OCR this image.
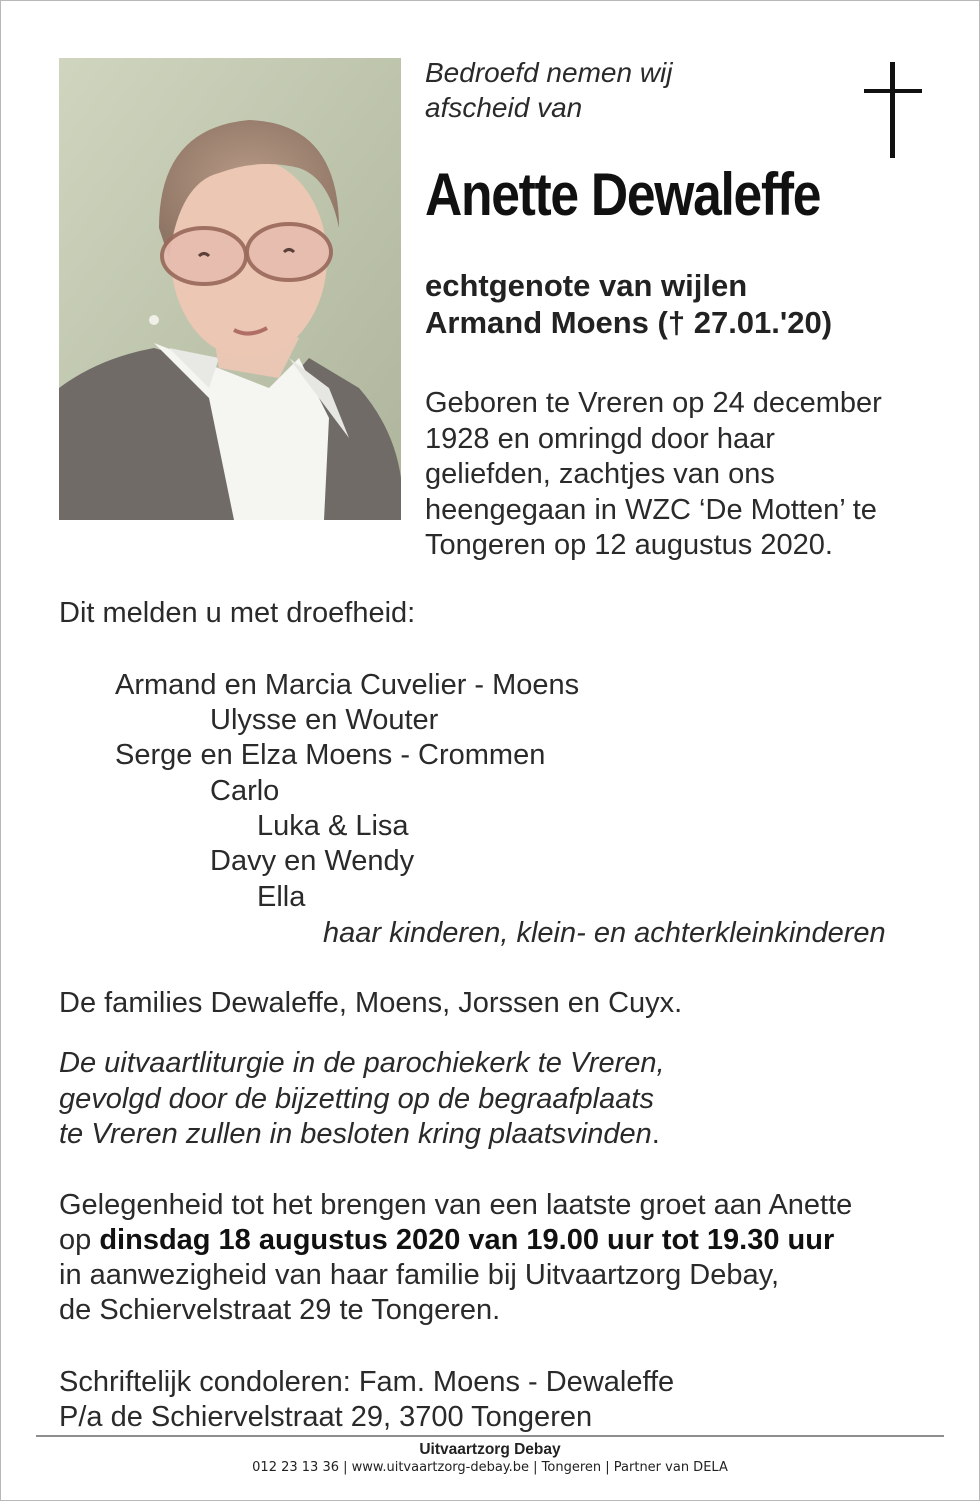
Bedroefd nemen wij
afscheid van
Anette Dewaleffe
echtgenote van wijlen
Armand Moens († 27.01.'20)
Geboren te Vreren op 24 december
1928 en omringd door haar
geliefden, zachtjes van ons
heengegaan in WZC ‘De Motten’ te
Tongeren op 12 augustus 2020.
Dit melden u met droefheid:
Armand en Marcia Cuvelier - Moens
Ulysse en Wouter
Serge en Elza Moens - Crommen
Carlo
Luka & Lisa
Davy en Wendy
Ella
haar kinderen, klein- en achterkleinkinderen
De families Dewaleffe, Moens, Jorssen en Cuyx.
De uitvaartliturgie in de parochiekerk te Vreren,
gevolgd door de bijzetting op de begraafplaats
te Vreren zullen in besloten kring plaatsvinden.
Gelegenheid tot het brengen van een laatste groet aan Anette
op dinsdag 18 augustus 2020 van 19.00 uur tot 19.30 uur
in aanwezigheid van haar familie bij Uitvaartzorg Debay,
de Schiervelstraat 29 te Tongeren.
Schriftelijk condoleren: Fam. Moens - Dewaleffe
P/a de Schiervelstraat 29, 3700 Tongeren
Uitvaartzorg Debay
012 23 13 36 | www.uitvaartzorg-debay.be | Tongeren | Partner van DELA
